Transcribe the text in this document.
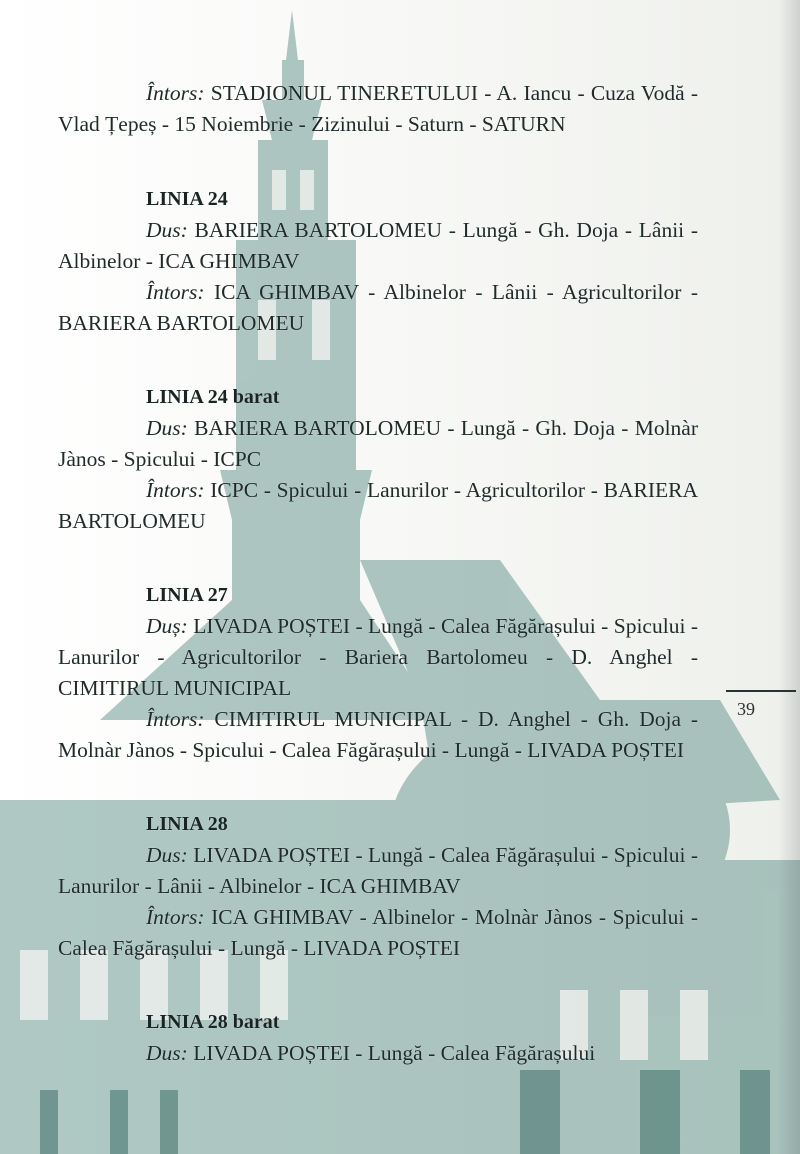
Întors: STADIONUL TINERETULUI - A. Iancu - Cuza Vodă - Vlad Țepeș - 15 Noiembrie - Zizinului - Saturn - SATURN

LINIA 24

Dus: BARIERA BARTOLOMEU - Lungă - Gh. Doja - Lânii - Albinelor - ICA GHIMBAV

Întors: ICA GHIMBAV - Albinelor - Lânii - Agricultorilor - BARIERA BARTOLOMEU

LINIA 24 barat

Dus: BARIERA BARTOLOMEU - Lungă - Gh. Doja - Molnàr Jànos - Spicului - ICPC

Întors: ICPC - Spicului - Lanurilor - Agricultorilor - BARIERA BARTOLOMEU

LINIA 27

Duș: LIVADA POȘTEI - Lungă - Calea Făgărașului - Spicului - Lanurilor - Agricultorilor - Bariera Bartolomeu - D. Anghel - CIMITIRUL MUNICIPAL

Întors: CIMITIRUL MUNICIPAL - D. Anghel - Gh. Doja - Molnàr Jànos - Spicului - Calea Făgărașului - Lungă - LIVADA POȘTEI

LINIA 28

Dus: LIVADA POȘTEI - Lungă - Calea Făgărașului - Spicului - Lanurilor - Lânii - Albinelor - ICA GHIMBAV

Întors: ICA GHIMBAV - Albinelor - Molnàr Jànos - Spicului - Calea Făgărașului - Lungă - LIVADA POȘTEI

LINIA 28 barat

Dus: LIVADA POȘTEI - Lungă - Calea Făgărașului

39
